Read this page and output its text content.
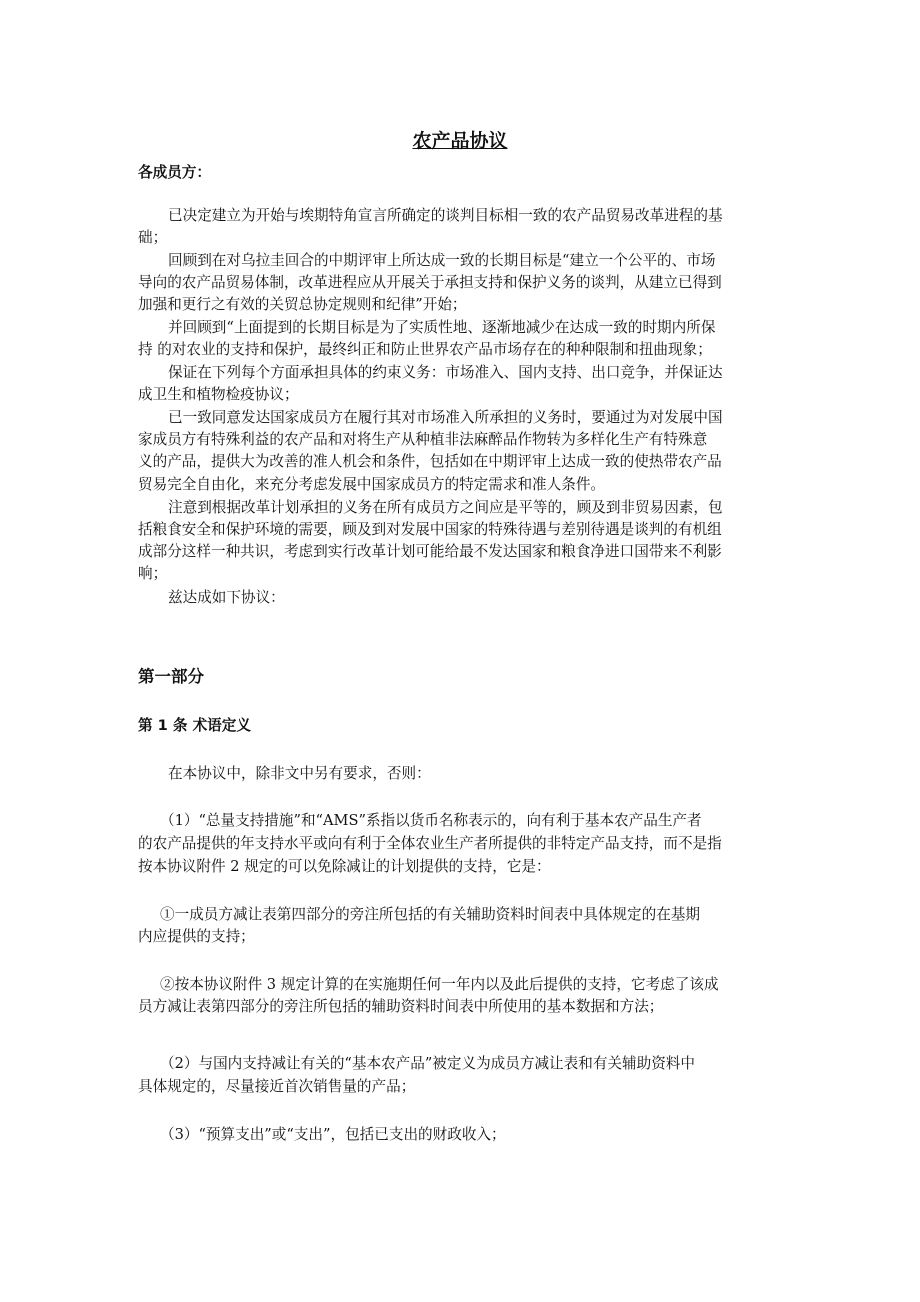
农产品协议
各成员方：
已决定建立为开始与埃期特角宣言所确定的谈判目标相一致的农产品贸易改革进程的基
础；
回顾到在对乌拉圭回合的中期评审上所达成一致的长期目标是“建立一个公平的、市场
导向的农产品贸易体制，改革进程应从开展关于承担支持和保护义务的谈判，从建立已得到
加强和更行之有效的关贸总协定规则和纪律”开始；
并回顾到“上面提到的长期目标是为了实质性地、逐渐地减少在达成一致的时期内所保
持 的对农业的支持和保护，最终纠正和防止世界农产品市场存在的种种限制和扭曲现象；
保证在下列每个方面承担具体的约束义务：市场准入、国内支持、出口竞争，并保证达
成卫生和植物检疫协议；
已一致同意发达国家成员方在履行其对市场准入所承担的义务时，要通过为对发展中国
家成员方有特殊利益的农产品和对将生产从种植非法麻醉品作物转为多样化生产有特殊意
义的产品，提供大为改善的准人机会和条件，包括如在中期评审上达成一致的使热带农产品
贸易完全自由化，来充分考虑发展中国家成员方的特定需求和准人条件。
注意到根据改革计划承担的义务在所有成员方之间应是平等的，顾及到非贸易因素，包
括粮食安全和保护环境的需要，顾及到对发展中国家的特殊待遇与差别待遇是谈判的有机组
成部分这样一种共识，考虑到实行改革计划可能给最不发达国家和粮食净进口国带来不利影
响；
兹达成如下协议：
第一部分
第 1 条 术语定义
在本协议中，除非文中另有要求，否则：
（1）“总量支持措施”和“AMS”系指以货币名称表示的，向有利于基本农产品生产者
的农产品提供的年支持水平或向有利于全体农业生产者所提供的非特定产品支持，而不是指
按本协议附件 2 规定的可以免除减让的计划提供的支持，它是：
①一成员方减让表第四部分的旁注所包括的有关辅助资料时间表中具体规定的在基期
内应提供的支持；
②按本协议附件 3 规定计算的在实施期任何一年内以及此后提供的支持，它考虑了该成
员方减让表第四部分的旁注所包括的辅助资料时间表中所使用的基本数据和方法；
（2）与国内支持减让有关的“基本农产品”被定义为成员方减让表和有关辅助资料中
具体规定的，尽量接近首次销售量的产品；
（3）“预算支出”或“支出”，包括已支出的财政收入；
